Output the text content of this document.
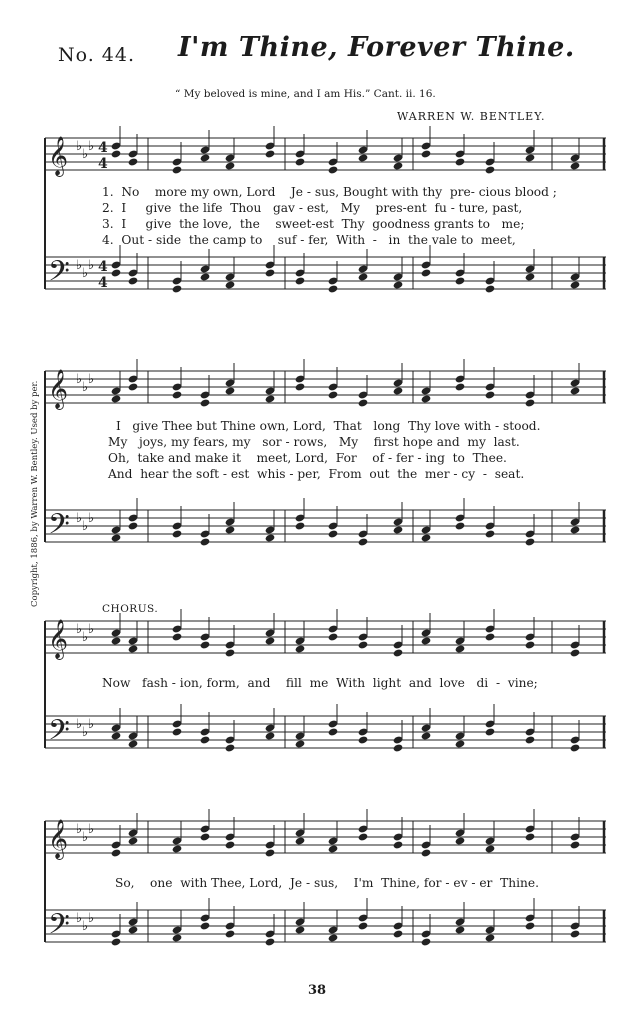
No. 44. I'm Thine, Forever Thine.
“ My beloved is mine, and I am His.” Cant. ii. 16.
WARREN W. BENTLEY.
Copyright, 1886, by Warren W. Bentley. Used by per.
CHORUS.
1.  No    more my own, Lord    Je - sus, Bought with thy  pre- cious blood ;
2.  I     give  the life  Thou   gav - est,   My    pres-ent  fu - ture, past,
3.  I     give  the love,  the    sweet-est  Thy  goodness grants to   me;
4.  Out - side  the camp to    suf - fer,  With  -   in  the vale to  meet,
I   give Thee but Thine own, Lord,  That   long  Thy love with - stood.
My   joys, my fears, my   sor - rows,   My    first hope and  my  last.
Oh,  take and make it    meet, Lord,  For    of - fer - ing  to  Thee.
And  hear the soft - est  whis - per,  From  out  the  mer - cy  -  seat.
Now   fash - ion, form,  and    fill  me  With  light  and  love   di  -  vine;
So,    one  with Thee, Lord,  Je - sus,    I'm  Thine, for - ev - er  Thine.
38
𝄞 ♭
♭
♭ 4
4
𝄢 ♭
♭
♭ 4
4
𝄞 ♭
♭
♭
𝄢 ♭
♭
♭
𝄞 ♭
♭
♭
𝄢 ♭
♭
♭
𝄞 ♭
♭
♭
𝄢 ♭
♭
♭
